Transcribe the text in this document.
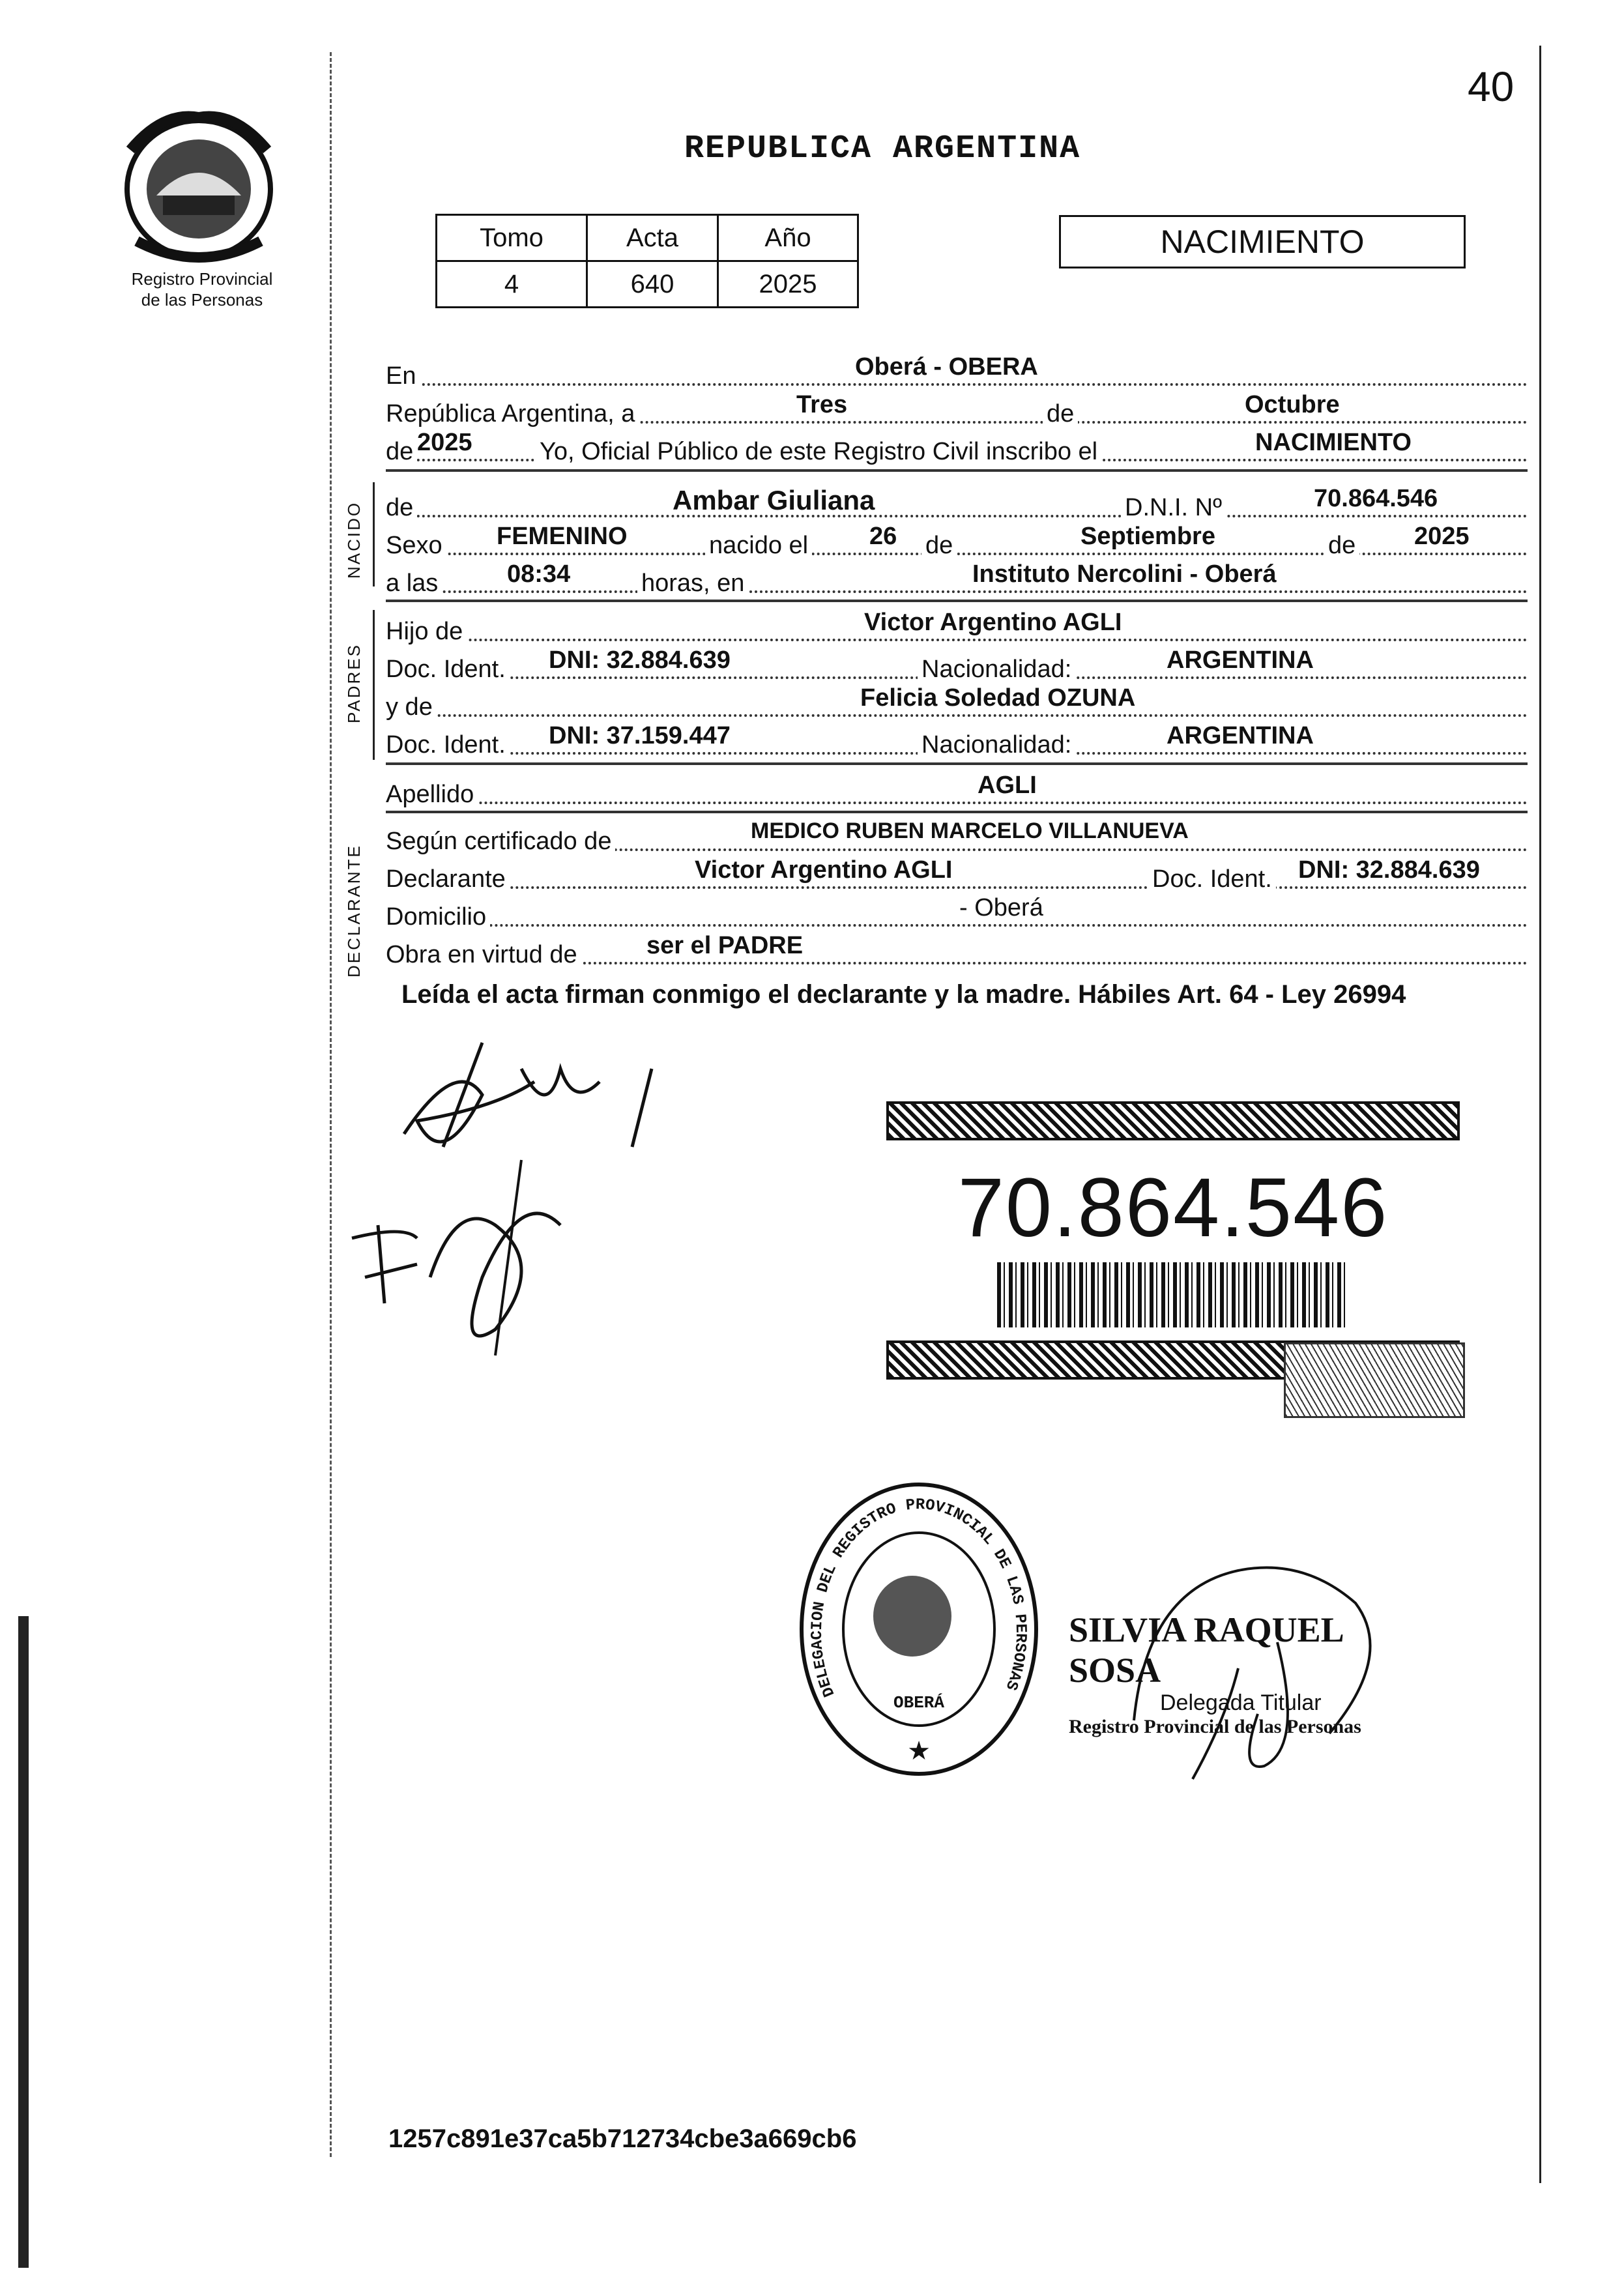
40
Registro Provincial
de las Personas
REPUBLICA ARGENTINA
Tomo	Acta	Año
4	640	2025
NACIMIENTO
En	Oberá - OBERA
República Argentina, a	Tres	de	Octubre
de 2025	Yo, Oficial Público de este Registro Civil inscribo el	NACIMIENTO
NACIDO de	Ambar Giuliana	D.N.I. Nº	70.864.546
Sexo FEMENINO	nacido el 26 de	Septiembre	de 2025
a las	08:34	horas, en	Instituto Nercolini - Oberá
PADRES
Hijo de	Victor Argentino AGLI
Doc. Ident. DNI: 32.884.639	Nacionalidad:	ARGENTINA
y de	Felicia Soledad OZUNA
Doc. Ident. DNI: 37.159.447	Nacionalidad:	ARGENTINA
Apellido	AGLI
DECLARANTE
Según certificado de	MEDICO RUBEN MARCELO VILLANUEVA
Declarante	Victor Argentino AGLI	Doc. Ident. DNI: 32.884.639
Domicilio	- Oberá
Obra en virtud de	ser el PADRE
Leída el acta firman conmigo el declarante y la madre. Hábiles Art. 64 - Ley 26994
70.864.546
DELEGACION DEL REGISTRO PROVINCIAL DE LAS PERSONAS
OBERÁ
★
SILVIA RAQUEL SOSA
Delegada Titular
Registro Provincial de las Personas
1257c891e37ca5b712734cbe3a669cb6
